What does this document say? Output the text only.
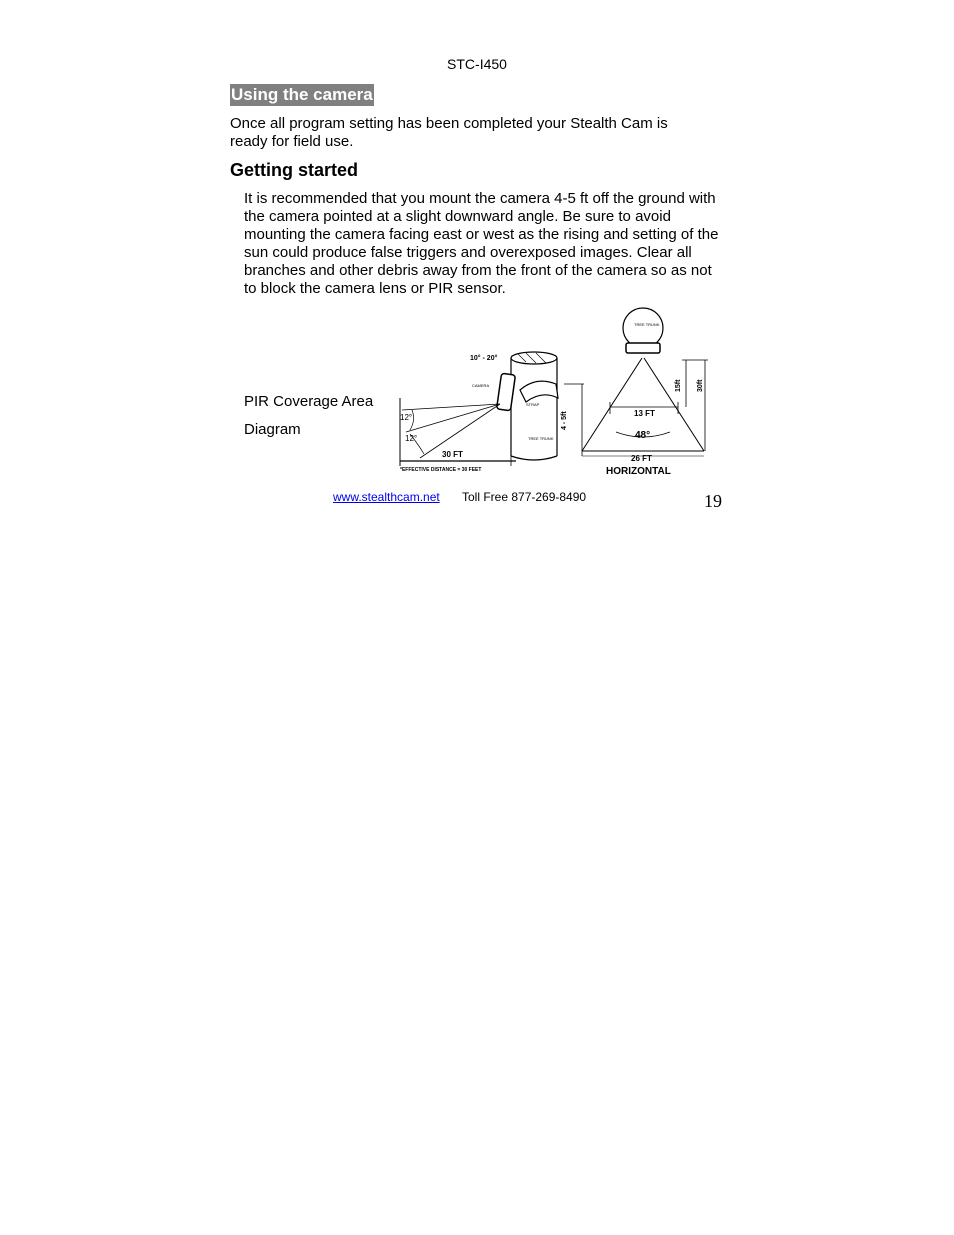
STC-I450
Using the camera
Once all program setting has been completed your Stealth Cam is ready for field use.
Getting started
It is recommended that you mount the camera 4-5 ft off the ground with the camera pointed at a slight downward angle. Be sure to avoid mounting the camera facing east or west as the rising and setting of the sun could produce false triggers and overexposed images. Clear all branches and other debris away from the front of the camera so as not to block the camera lens or PIR sensor.
PIR Coverage Area
Diagram
10° - 20°
CAMERA
STRAP
TREE TRUNK
4 - 5ft
12°
12°
30 FT
*EFFECTIVE DISTANCE = 30 FEET
TREE TRUNK
13 FT
48°
26 FT
15ft 30ft
HORIZONTAL
www.stealthcam.net Toll Free 877-269-8490	19
